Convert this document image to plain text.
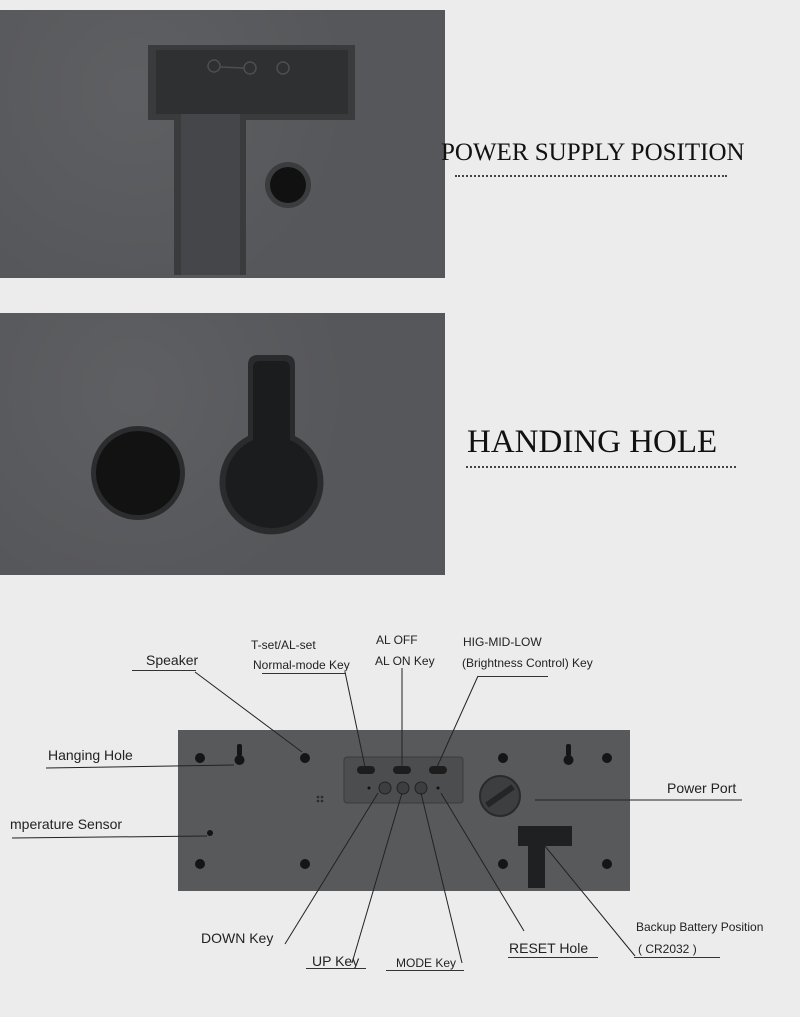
POWER SUPPLY POSITION
HANDING HOLE
Speaker
T-set/AL-set
Normal-mode Key
AL OFF
AL ON Key
HIG-MID-LOW
(Brightness Control) Key
Hanging Hole
Power Port
mperature Sensor
DOWN Key
UP Key	MODE Key
RESET Hole
Backup Battery Position
( CR2032 )
